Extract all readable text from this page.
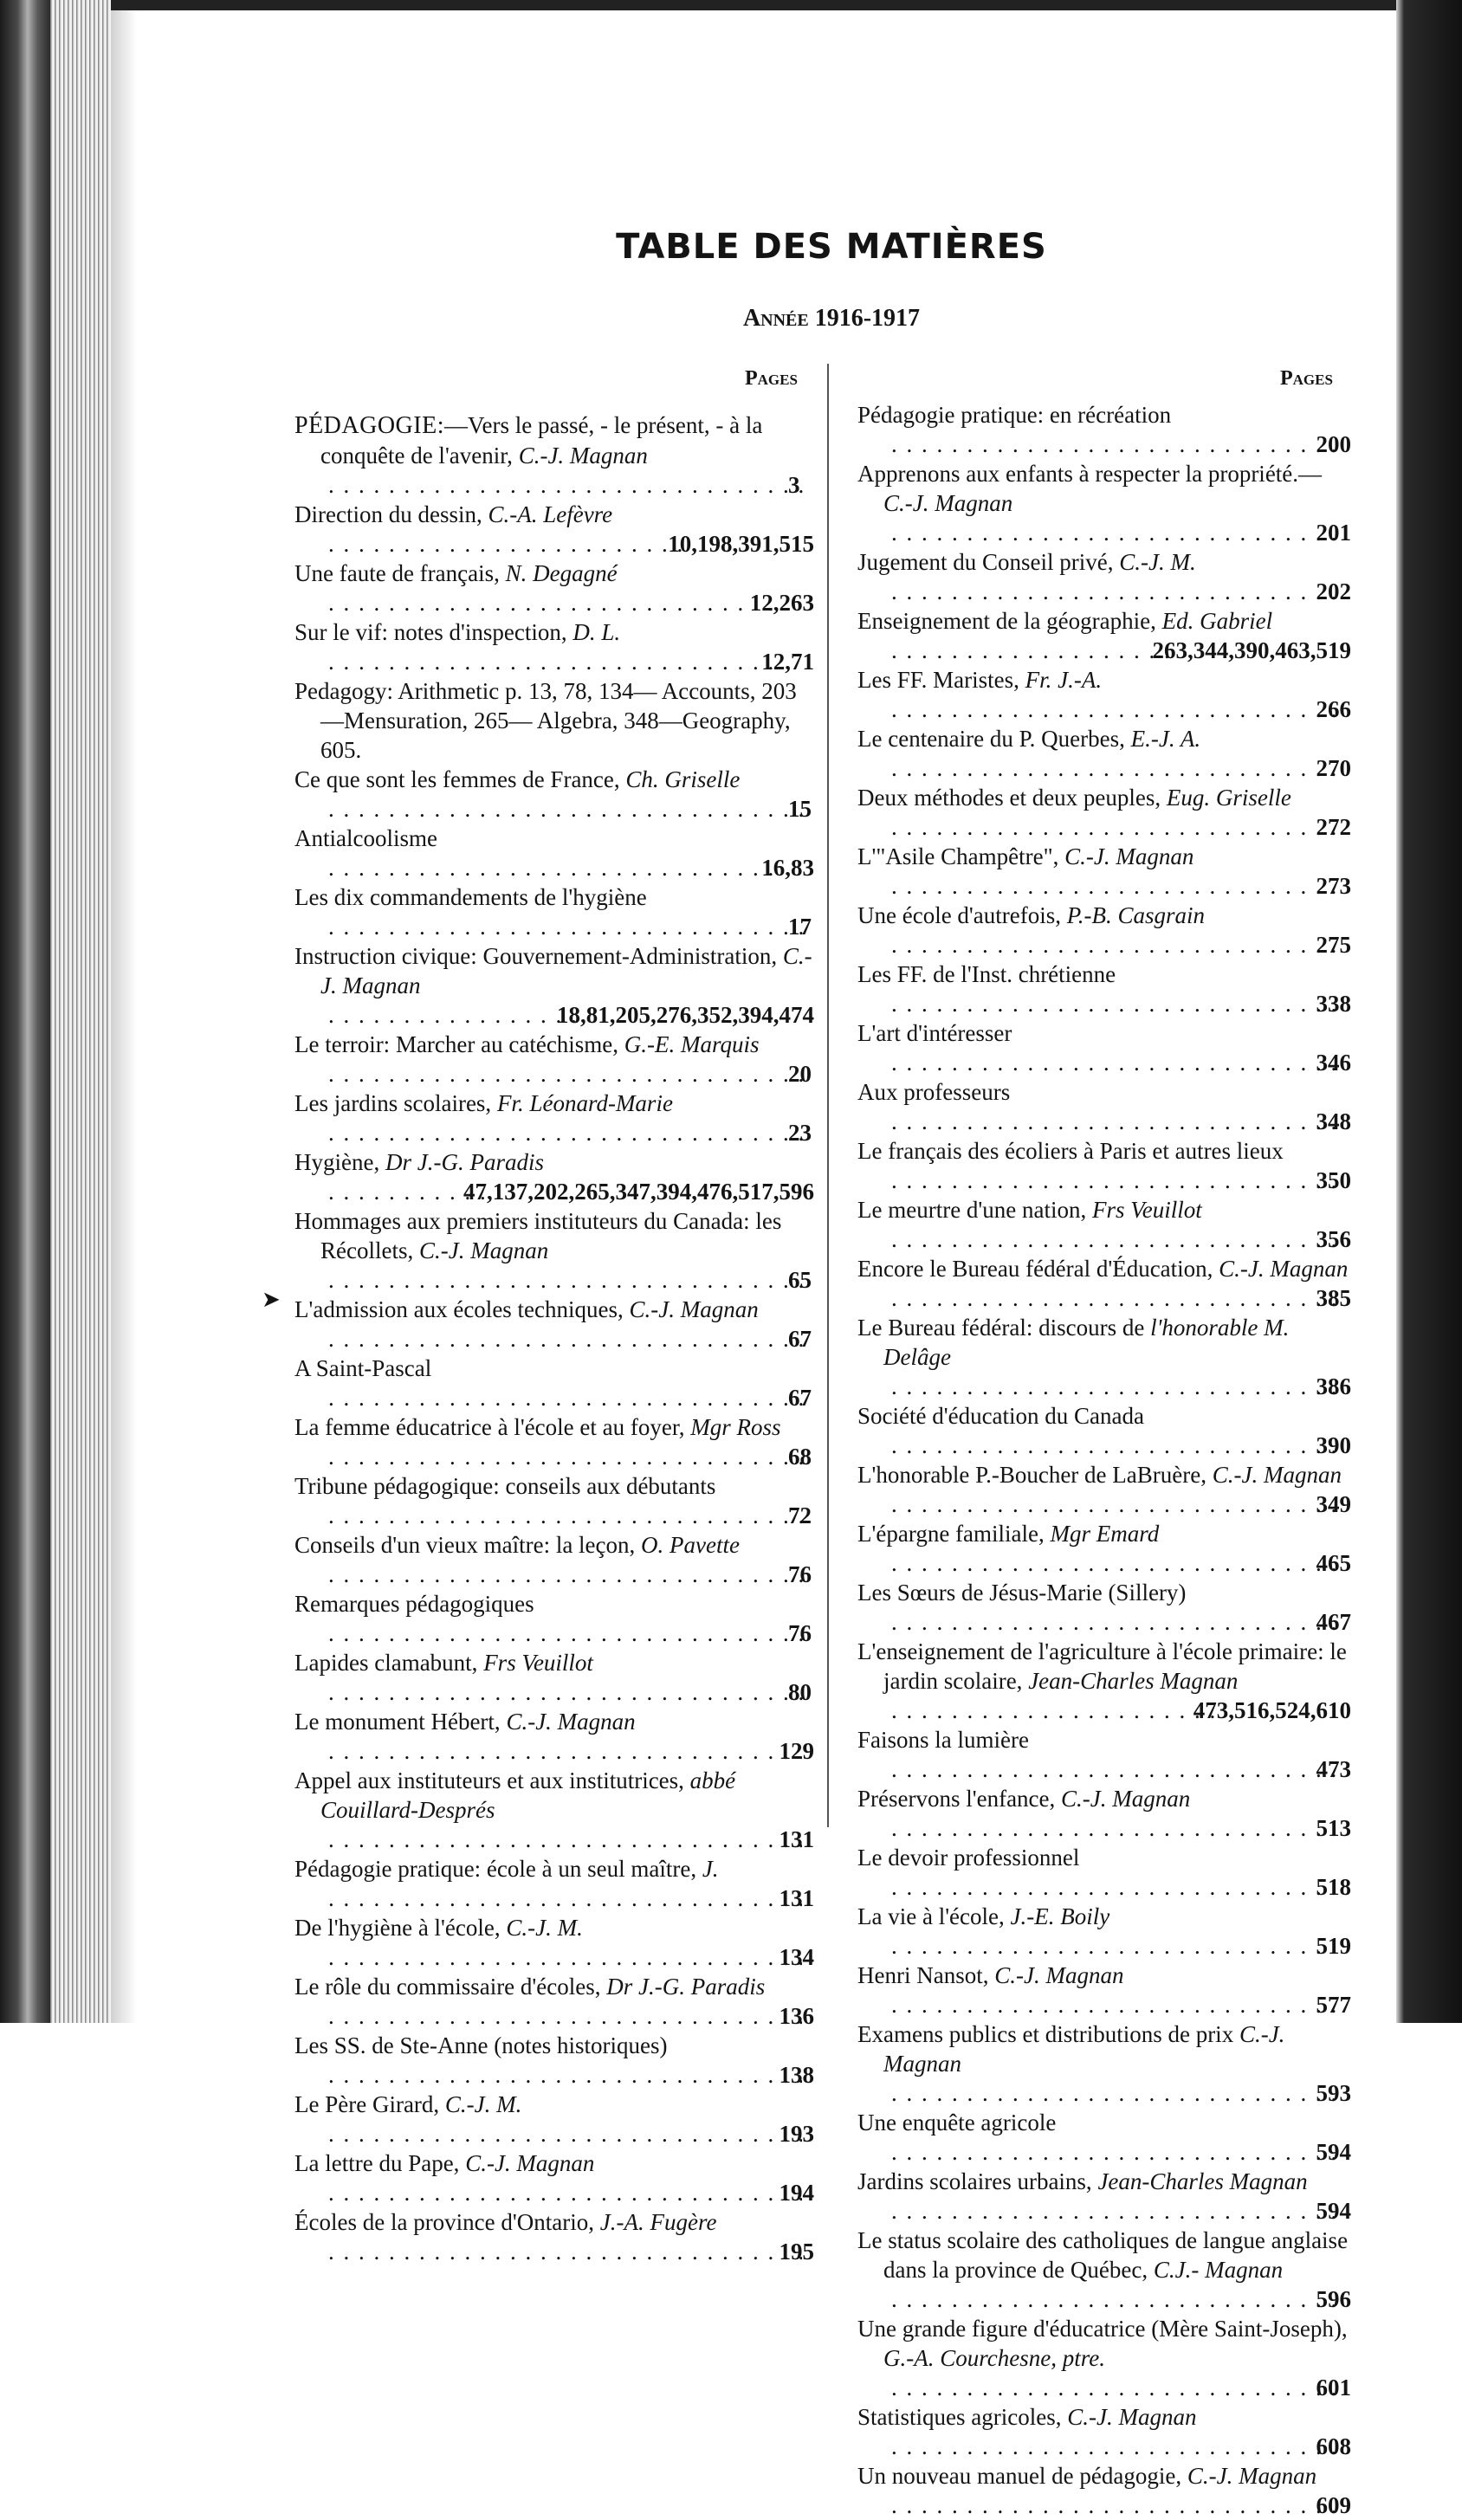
TABLE DES MATIÈRES

Année 1916-1917

Pages	Pages
➤
PÉDAGOGIE:—Vers le passé, - le présent, - à la conquête de l'avenir, C.-J. Magnan
. . .
3
Direction du dessin, C.-A. Lefèvre
. . .
10,198,391,515
Une faute de français, N. Degagné
. . .
12,263
Sur le vif: notes d'inspection, D. L.
. . .
12,71
Pedagogy: Arithmetic p. 13, 78, 134— Accounts, 203—Mensuration, 265— Algebra, 348—Geography, 605.
Ce que sont les femmes de France, Ch. Griselle
. . .
15
Antialcoolisme
. . .
16,83
Les dix commandements de l'hygiène
. . .
17
Instruction civique: Gouvernement-Administration, C.-J. Magnan
. . .
18,81,205,276,352,394,474
Le terroir: Marcher au catéchisme, G.-E. Marquis
. . .
20
Les jardins scolaires, Fr. Léonard-Marie
. . .
23
Hygiène, Dr J.-G. Paradis
. . .
47,137,202,265,347,394,476,517,596
Hommages aux premiers instituteurs du Canada: les Récollets, C.-J. Magnan
. . .
65
L'admission aux écoles techniques, C.-J. Magnan
. . .
67
A Saint-Pascal
. . .
67
La femme éducatrice à l'école et au foyer, Mgr Ross
. . .
68
Tribune pédagogique: conseils aux débutants
. . .
72
Conseils d'un vieux maître: la leçon, O. Pavette
. . .
76
Remarques pédagogiques
. . .
76
Lapides clamabunt, Frs Veuillot
. . .
80
Le monument Hébert, C.-J. Magnan
. . .
129
Appel aux instituteurs et aux institutrices, abbé Couillard-Després
. . .
131
Pédagogie pratique: école à un seul maître, J.
. . .
131
De l'hygiène à l'école, C.-J. M.
. . .
134
Le rôle du commissaire d'écoles, Dr J.-G. Paradis
. . .
136
Les SS. de Ste-Anne (notes historiques)
. . .
138
Le Père Girard, C.-J. M.
. . .
193
La lettre du Pape, C.-J. Magnan
. . .
194
Écoles de la province d'Ontario, J.-A. Fugère
. . .
195
Pédagogie pratique: en récréation
. . .
200
Apprenons aux enfants à respecter la propriété.— C.-J. Magnan
. . .
201
Jugement du Conseil privé, C.-J. M.
. . .
202
Enseignement de la géographie, Ed. Gabriel
. . .
263,344,390,463,519
Les FF. Maristes, Fr. J.-A.
. . .
266
Le centenaire du P. Querbes, E.-J. A.
. . .
270
Deux méthodes et deux peuples, Eug. Griselle
. . .
272
L'"Asile Champêtre", C.-J. Magnan
. . .
273
Une école d'autrefois, P.-B. Casgrain
. . .
275
Les FF. de l'Inst. chrétienne
. . .
338
L'art d'intéresser
. . .
346
Aux professeurs
. . .
348
Le français des écoliers à Paris et autres lieux
. . .
350
Le meurtre d'une nation, Frs Veuillot
. . .
356
Encore le Bureau fédéral d'Éducation, C.-J. Magnan
. . .
385
Le Bureau fédéral: discours de l'honorable M. Delâge
. . .
386
Société d'éducation du Canada
. . .
390
L'honorable P.-Boucher de LaBruère, C.-J. Magnan
. . .
349
L'épargne familiale, Mgr Emard
. . .
465
Les Sœurs de Jésus-Marie (Sillery)
. . .
467
L'enseignement de l'agriculture à l'école primaire: le jardin scolaire, Jean-Charles Magnan
. . .
473,516,524,610
Faisons la lumière
. . .
473
Préservons l'enfance, C.-J. Magnan
. . .
513
Le devoir professionnel
. . .
518
La vie à l'école, J.-E. Boily
. . .
519
Henri Nansot, C.-J. Magnan
. . .
577
Examens publics et distributions de prix C.-J. Magnan
. . .
593
Une enquête agricole
. . .
594
Jardins scolaires urbains, Jean-Charles Magnan
. . .
594
Le status scolaire des catholiques de langue anglaise dans la province de Québec, C.J.- Magnan
. . .
596
Une grande figure d'éducatrice (Mère Saint-Joseph), G.-A. Courchesne, ptre.
. . .
601
Statistiques agricoles, C.-J. Magnan
. . .
608
Un nouveau manuel de pédagogie, C.-J. Magnan
. . .
609
